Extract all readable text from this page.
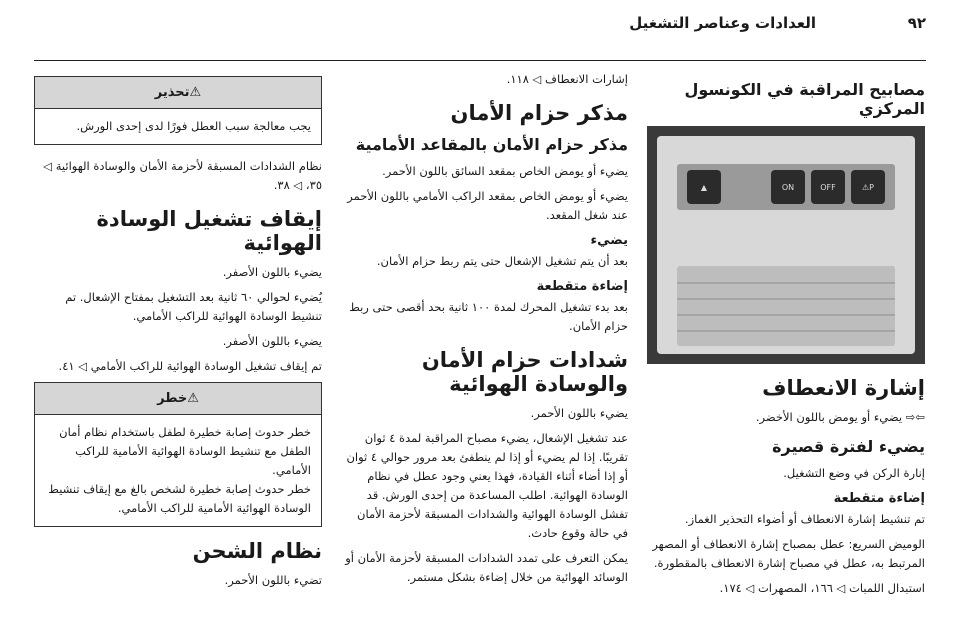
٩٢
العدادات وعناصر التشغيل
مصابيح المراقبة في الكونسول المركزي
P⚠
OFF
ON
▲
إشارة الانعطاف
⇦⇨ يضيء أو يومض باللون الأخضر.
يضيء لفترة قصيرة
إنارة الركن في وضع التشغيل.
إضاءة متقطعة
تم تنشيط إشارة الانعطاف أو أضواء التحذير الغماز.
الوميض السريع: عطل بمصباح إشارة الانعطاف أو المصهر المرتبط به، عطل في مصباح إشارة الانعطاف بالمقطورة.
استبدال اللمبات ◁ ١٦٦، المصهرات ◁ ١٧٤.
إشارات الانعطاف ◁ ١١٨.
مذكر حزام الأمان
مذكر حزام الأمان بالمقاعد الأمامية
يضيء أو يومض الخاص بمقعد السائق باللون الأحمر.
يضيء أو يومض الخاص بمقعد الراكب الأمامي باللون الأحمر عند شغل المقعد.
يضيء
بعد أن يتم تشغيل الإشعال حتى يتم ربط حزام الأمان.
إضاءة متقطعة
بعد بدء تشغيل المحرك لمدة ١٠٠ ثانية بحد أقصى حتى ربط حزام الأمان.
شدادات حزام الأمان والوسادة الهوائية
يضيء باللون الأحمر.
عند تشغيل الإشعال، يضيء مصباح المراقبة لمدة ٤ ثوان تقريبًا. إذا لم يضيء أو إذا لم ينطفئ بعد مرور حوالي ٤ ثوان أو إذا أضاء أثناء القيادة، فهذا يعني وجود عطل في نظام الوسادة الهوائية. اطلب المساعدة من إحدى الورش. قد تفشل الوسادة الهوائية والشدادات المسبقة لأحزمة الأمان في حالة وقوع حادث.
يمكن التعرف على تمدد الشدادات المسبقة لأحزمة الأمان أو الوسائد الهوائية من خلال إضاءة بشكل مستمر.
⚠تحذير
يجب معالجة سبب العطل فورًا لدى إحدى الورش.
نظام الشدادات المسبقة لأحزمة الأمان والوسادة الهوائية ◁ ٣٥، ◁ ٣٨.
إيقاف تشغيل الوسادة الهوائية
يضيء باللون الأصفر.
يُضيء لحوالي ٦٠ ثانية بعد التشغيل بمفتاح الإشعال. تم تنشيط الوسادة الهوائية للراكب الأمامي.
يضيء باللون الأصفر.
تم إيقاف تشغيل الوسادة الهوائية للراكب الأمامي ◁ ٤١.
⚠خطر
خطر حدوث إصابة خطيرة لطفل باستخدام نظام أمان الطفل مع تنشيط الوسادة الهوائية الأمامية للراكب الأمامي.
خطر حدوث إصابة خطيرة لشخص بالغ مع إيقاف تنشيط الوسادة الهوائية الأمامية للراكب الأمامي.
نظام الشحن
تضيء باللون الأحمر.
